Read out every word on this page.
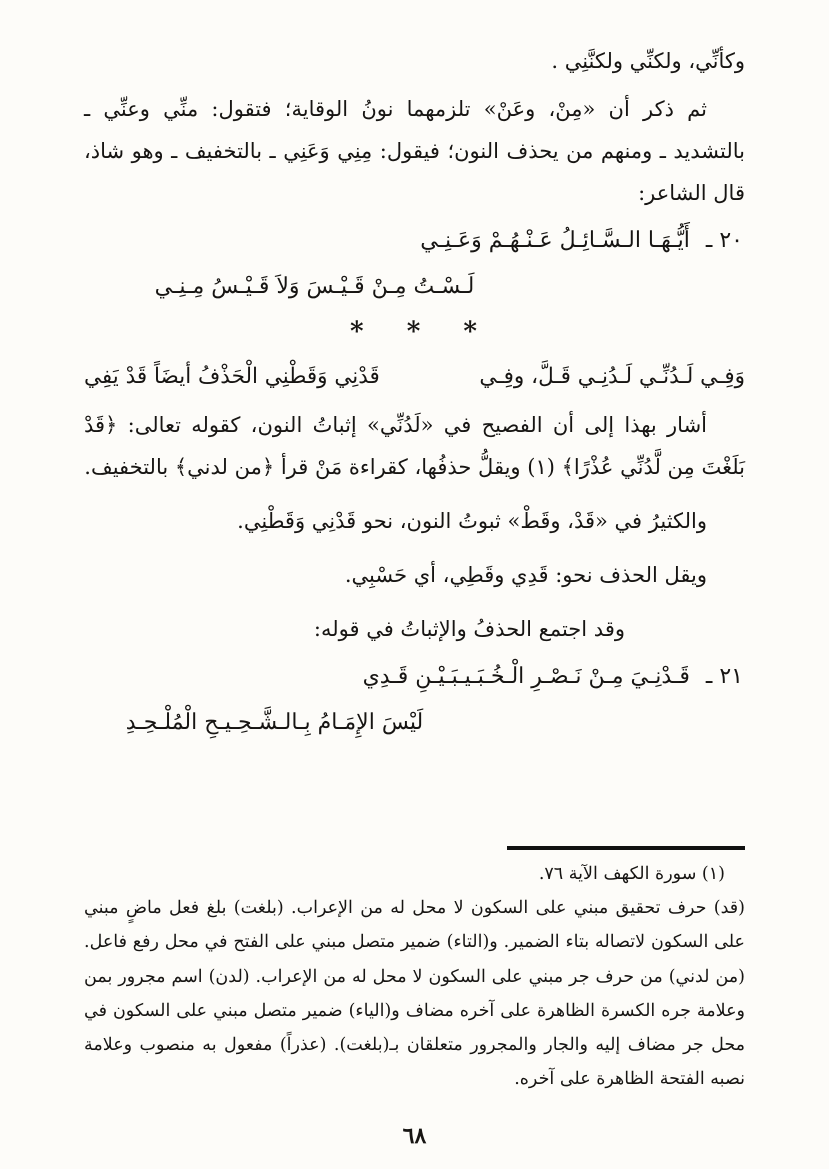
وكأنِّي، ولكنِّي ولكنَّنِي .

ثم ذكر أن «مِنْ، وعَنْ» تلزمهما نونُ الوقاية؛ فتقول: منِّي وعنِّي ـ بالتشديد ـ ومنهم من يحذف النون؛ فيقول: مِنِي وَعَنِي ـ بالتخفيف ـ وهو شاذ، قال الشاعر:

٢٠ ـأَيُّـهَـا الـسَّـائِـلُ عَـنْـهُـمْ وَعَـنِـي
لَـسْـتُ مِـنْ قَـيْـسَ وَلاَ قَـيْـسُ مِـنِـي
* * *
وَفِـي لَـدُنِّـي لَـدُنِـي قَـلَّ، وفِـي
قَدْنِي وَقَطْنِي الْحَذْفُ أيضَاً قَدْ يَفِي

أشار بهذا إلى أن الفصيح في «لَدُنِّي» إثباتُ النون، كقوله تعالى: ﴿قَدْ بَلَغْتَ مِن لَّدُنِّي عُذْرًا﴾ (١) ويقلُّ حذفُها، كقراءة مَنْ قرأ ﴿من لدني﴾ بالتخفيف.

والكثيرُ في «قَدْ، وقَطْ» ثبوتُ النون، نحو قَدْنِي وَقَطْنِي.

ويقل الحذف نحو: قَدِي وقَطِي، أي حَسْبِي.

وقد اجتمع الحذفُ والإثباتُ في قوله:

٢١ ـقَـدْنِـيَ مِـنْ نَـصْـرِ الْـخُـبَـيـبَـيْـنِ قَـدِي
لَيْسَ الإِمَـامُ بِـالـشَّـحِـيـحِ الْمُلْـحِـدِ

(١) سورة الكهف الآية ٧٦.

(قد) حرف تحقيق مبني على السكون لا محل له من الإعراب. (بلغت) بلغ فعل ماضٍ مبني على السكون لاتصاله بتاء الضمير. و(التاء) ضمير متصل مبني على الفتح في محل رفع فاعل. (من لدني) من حرف جر مبني على السكون لا محل له من الإعراب. (لدن) اسم مجرور بمن وعلامة جره الكسرة الظاهرة على آخره مضاف و(الياء) ضمير متصل مبني على السكون في محل جر مضاف إليه والجار والمجرور متعلقان بـ(بلغت). (عذراً) مفعول به منصوب وعلامة نصبه الفتحة الظاهرة على آخره.

٦٨
